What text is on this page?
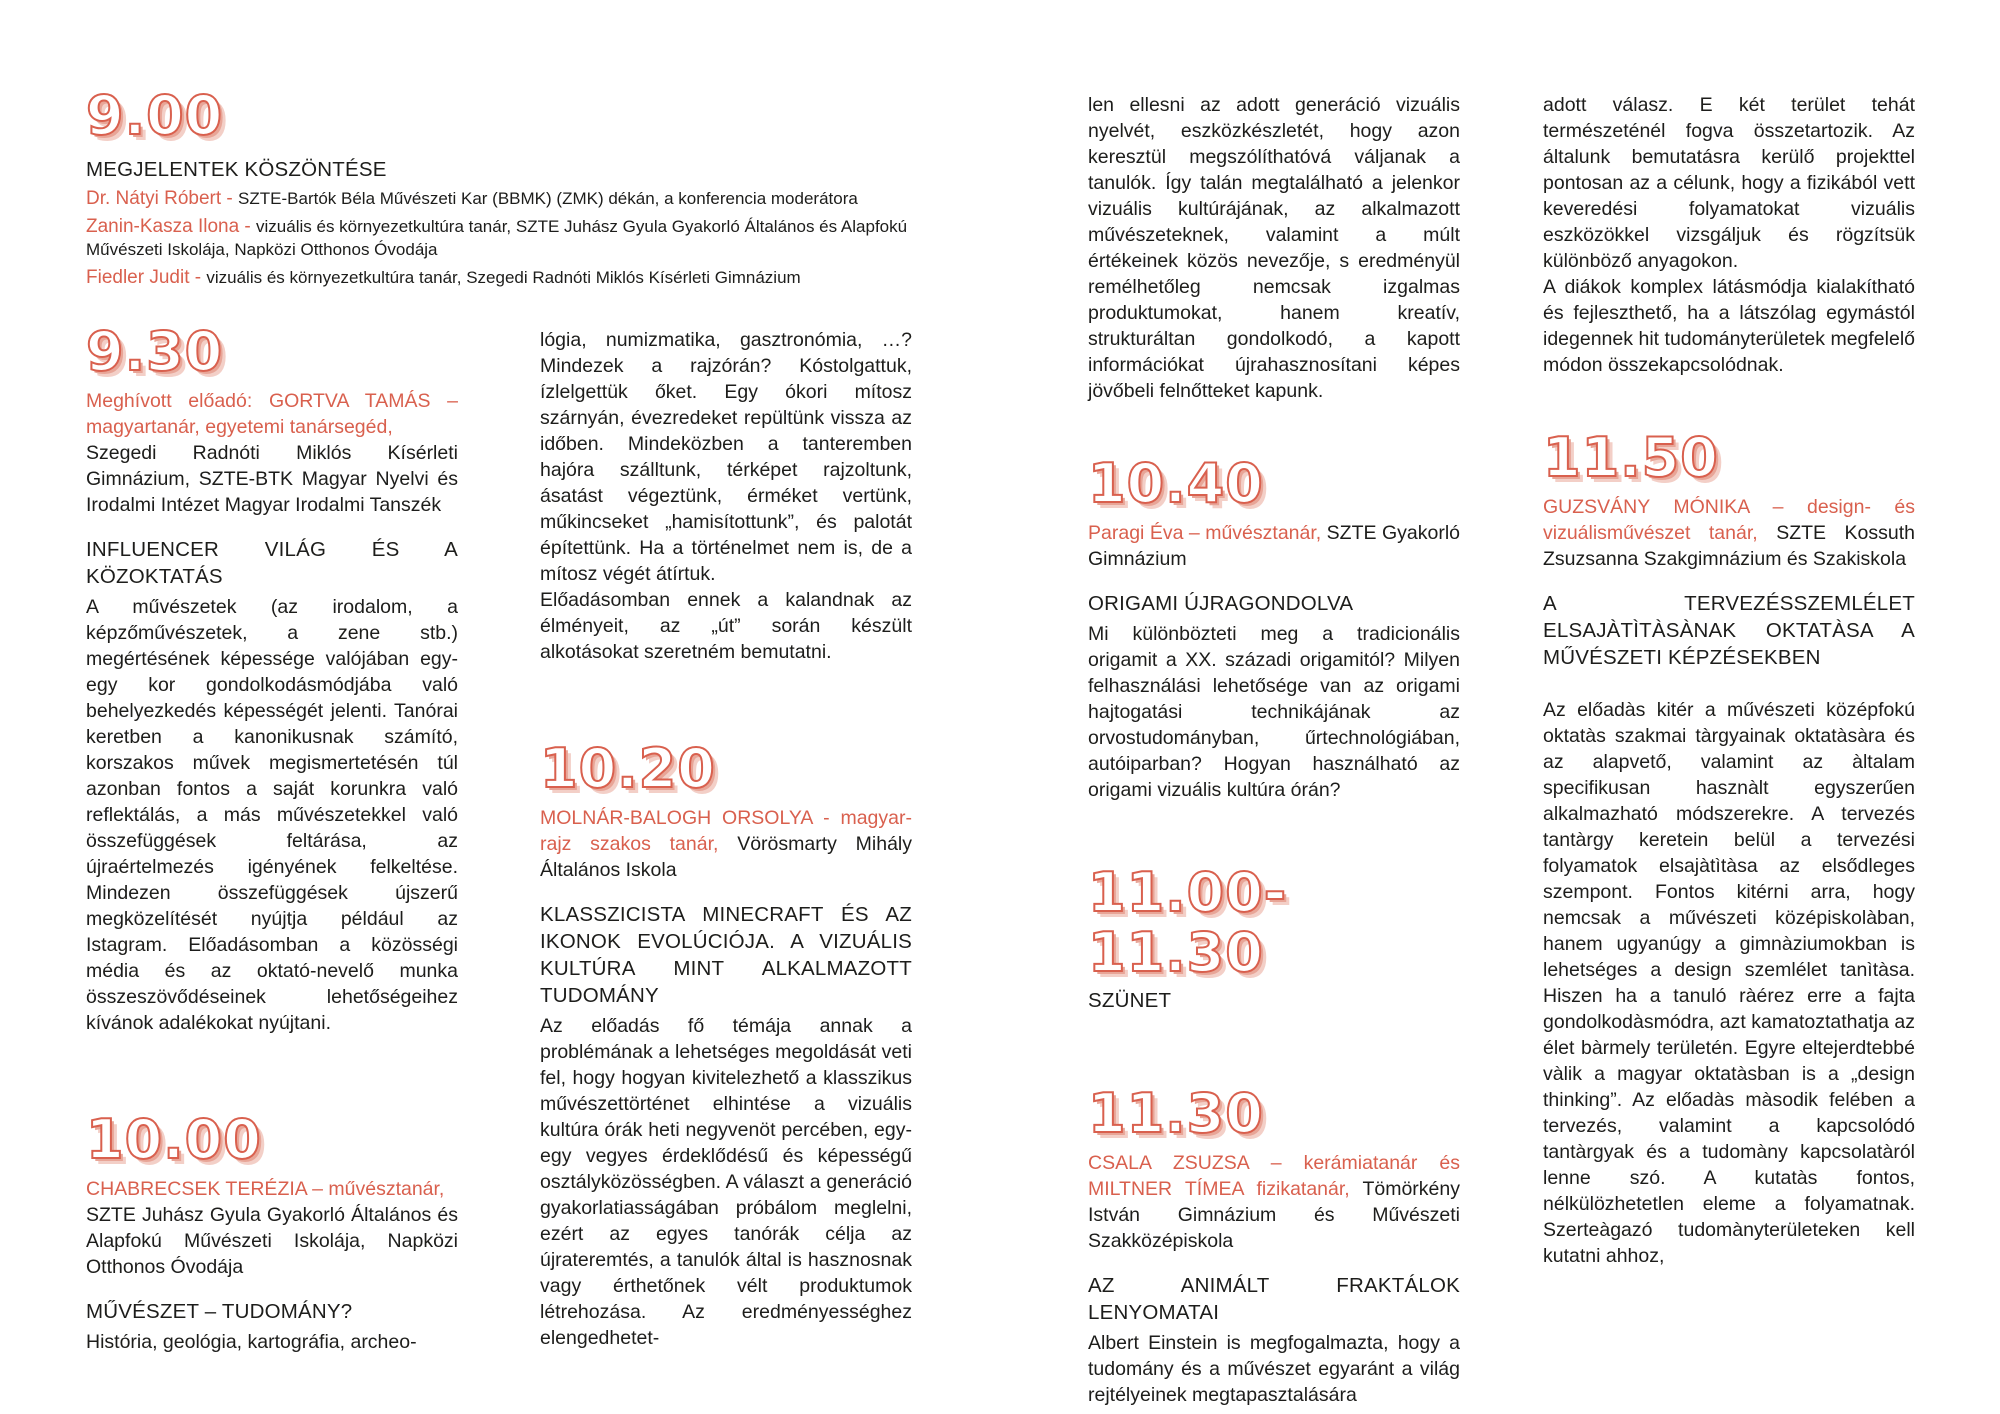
9.00
MEGJELENTEK KÖSZÖNTÉSE
Dr. Nátyi Róbert - SZTE-Bartók Béla Művészeti Kar (BBMK) (ZMK) dékán, a konferencia moderátora
Zanin-Kasza Ilona - vizuális és környezetkultúra tanár, SZTE Juhász Gyula Gyakorló Általános és Alapfokú Művészeti Iskolája, Napközi Otthonos Óvodája
Fiedler Judit - vizuális és környezetkultúra tanár, Szegedi Radnóti Miklós Kísérleti Gimnázium
9.30
Meghívott előadó: GORTVA TAMÁS – magyartanár, egyetemi tanársegéd,
Szegedi Radnóti Miklós Kísérleti Gimnázium, SZTE-BTK Magyar Nyelvi és Irodalmi Intézet Magyar Irodalmi Tanszék
INFLUENCER VILÁG ÉS A KÖZOKTATÁS

A művészetek (az irodalom, a képzőművészetek, a zene stb.) megértésének képessége valójában egy-egy kor gondolkodásmódjába való behelyezkedés képességét jelenti. Tanórai keretben a kanonikusnak számító, korszakos művek megismertetésén túl azonban fontos a saját korunkra való reflektálás, a más művészetekkel való összefüggések feltárása, az újraértelmezés igényének felkeltése. Mindezen összefüggések újszerű megközelítését nyújtja például az Istagram. Előadásomban a közösségi média és az oktató-nevelő munka összeszövődéseinek lehetőségeihez kívánok adalékokat nyújtani.

10.00
CHABRECSEK TERÉZIA – művésztanár,
SZTE Juhász Gyula Gyakorló Általános és Alapfokú Művészeti Iskolája, Napközi Otthonos Óvodája
MŰVÉSZET – TUDOMÁNY?

História, geológia, kartográfia, archeo-

lógia, numizmatika, gasztronómia, …? Mindezek a rajzórán? Kóstolgattuk, ízlelgettük őket. Egy ókori mítosz szárnyán, évezredeket repültünk vissza az időben. Mindeközben a tanteremben hajóra szálltunk, térképet rajzoltunk, ásatást végeztünk, érméket vertünk, műkincseket „hamisítottunk”, és palotát építettünk. Ha a történelmet nem is, de a mítosz végét átírtuk.

Előadásomban ennek a kalandnak az élményeit, az „út” során készült alkotásokat szeretném bemutatni.

10.20
MOLNÁR-BALOGH ORSOLYA - magyar-rajz szakos tanár, Vörösmarty Mihály Általános Iskola
KLASSZICISTA MINECRAFT ÉS AZ IKONOK EVOLÚCIÓJA. A VIZUÁLIS KULTÚRA MINT ALKALMAZOTT TUDOMÁNY

Az előadás fő témája annak a problémának a lehetséges megoldását veti fel, hogy hogyan kivitelezhető a klasszikus művészettörténet elhintése a vizuális kultúra órák heti negyvenöt percében, egy-egy vegyes érdeklődésű és képességű osztályközösségben. A választ a generáció gyakorlatiasságában próbálom meglelni, ezért az egyes tanórák célja az újrateremtés, a tanulók által is hasznosnak vagy érthetőnek vélt produktumok létrehozása. Az eredményességhez elengedhetet-

len ellesni az adott generáció vizuális nyelvét, eszközkészletét, hogy azon keresztül megszólíthatóvá váljanak a tanulók. Így talán megtalálható a jelenkor vizuális kultúrájának, az alkalmazott művészeteknek, valamint a múlt értékeinek közös nevezője, s eredményül remélhetőleg nemcsak izgalmas produktumokat, hanem kreatív, strukturáltan gondolkodó, a kapott információkat újrahasznosítani képes jövőbeli felnőtteket kapunk.

10.40
Paragi Éva – művésztanár, SZTE Gyakorló Gimnázium
ORIGAMI ÚJRAGONDOLVA

Mi különbözteti meg a tradicionális origamit a XX. századi origamitól? Milyen felhasználási lehetősége van az origami hajtogatási technikájának az orvostudományban, űrtechnológiában, autóiparban? Hogyan használható az origami vizuális kultúra órán?

11.00-11.30
SZÜNET
11.30
CSALA ZSUZSA – kerámiatanár és MILTNER TÍMEA fizikatanár, Tömörkény István Gimnázium és Művészeti Szakközépiskola
AZ ANIMÁLT FRAKTÁLOK LENYOMATAI

Albert Einstein is megfogalmazta, hogy a tudomány és a művészet egyaránt a világ rejtélyeinek megtapasztalására

adott válasz. E két terület tehát természeténél fogva összetartozik. Az általunk bemutatásra kerülő projekttel pontosan az a célunk, hogy a fizikából vett keveredési folyamatokat vizuális eszközökkel vizsgáljuk és rögzítsük különböző anyagokon.

A diákok komplex látásmódja kialakítható és fejleszthető, ha a látszólag egymástól idegennek hit tudományterületek megfelelő módon összekapcsolódnak.

11.50
GUZSVÁNY MÓNIKA – design- és vizuálisművészet tanár, SZTE Kossuth Zsuzsanna Szakgimnázium és Szakiskola
A TERVEZÉSSZEMLÉLET ELSAJÀTÌTÀSÀNAK OKTATÀSA A MŰVÉSZETI KÉPZÉSEKBEN

Az előadàs kitér a művészeti középfokú oktatàs szakmai tàrgyainak oktatàsàra és az alapvető, valamint az àltalam specifikusan hasznàlt egyszerűen alkalmazható módszerekre. A tervezés tantàrgy keretein belül a tervezési folyamatok elsajàtìtàsa az elsődleges szempont. Fontos kitérni arra, hogy nemcsak a művészeti középiskolàban, hanem ugyanúgy a gimnàziumokban is lehetséges a design szemlélet tanìtàsa. Hiszen ha a tanuló ràérez erre a fajta gondolkodàsmódra, azt kamatoztathatja az élet bàrmely területén. Egyre eltejerdtebbé vàlik a magyar oktatàsban is a „design thinking”. Az előadàs màsodik felében a tervezés, valamint a kapcsolódó tantàrgyak és a tudomàny kapcsolatàról lenne szó. A kutatàs fontos, nélkülözhetetlen eleme a folyamatnak. Szerteàgazó tudomànyterületeken kell kutatni ahhoz,
